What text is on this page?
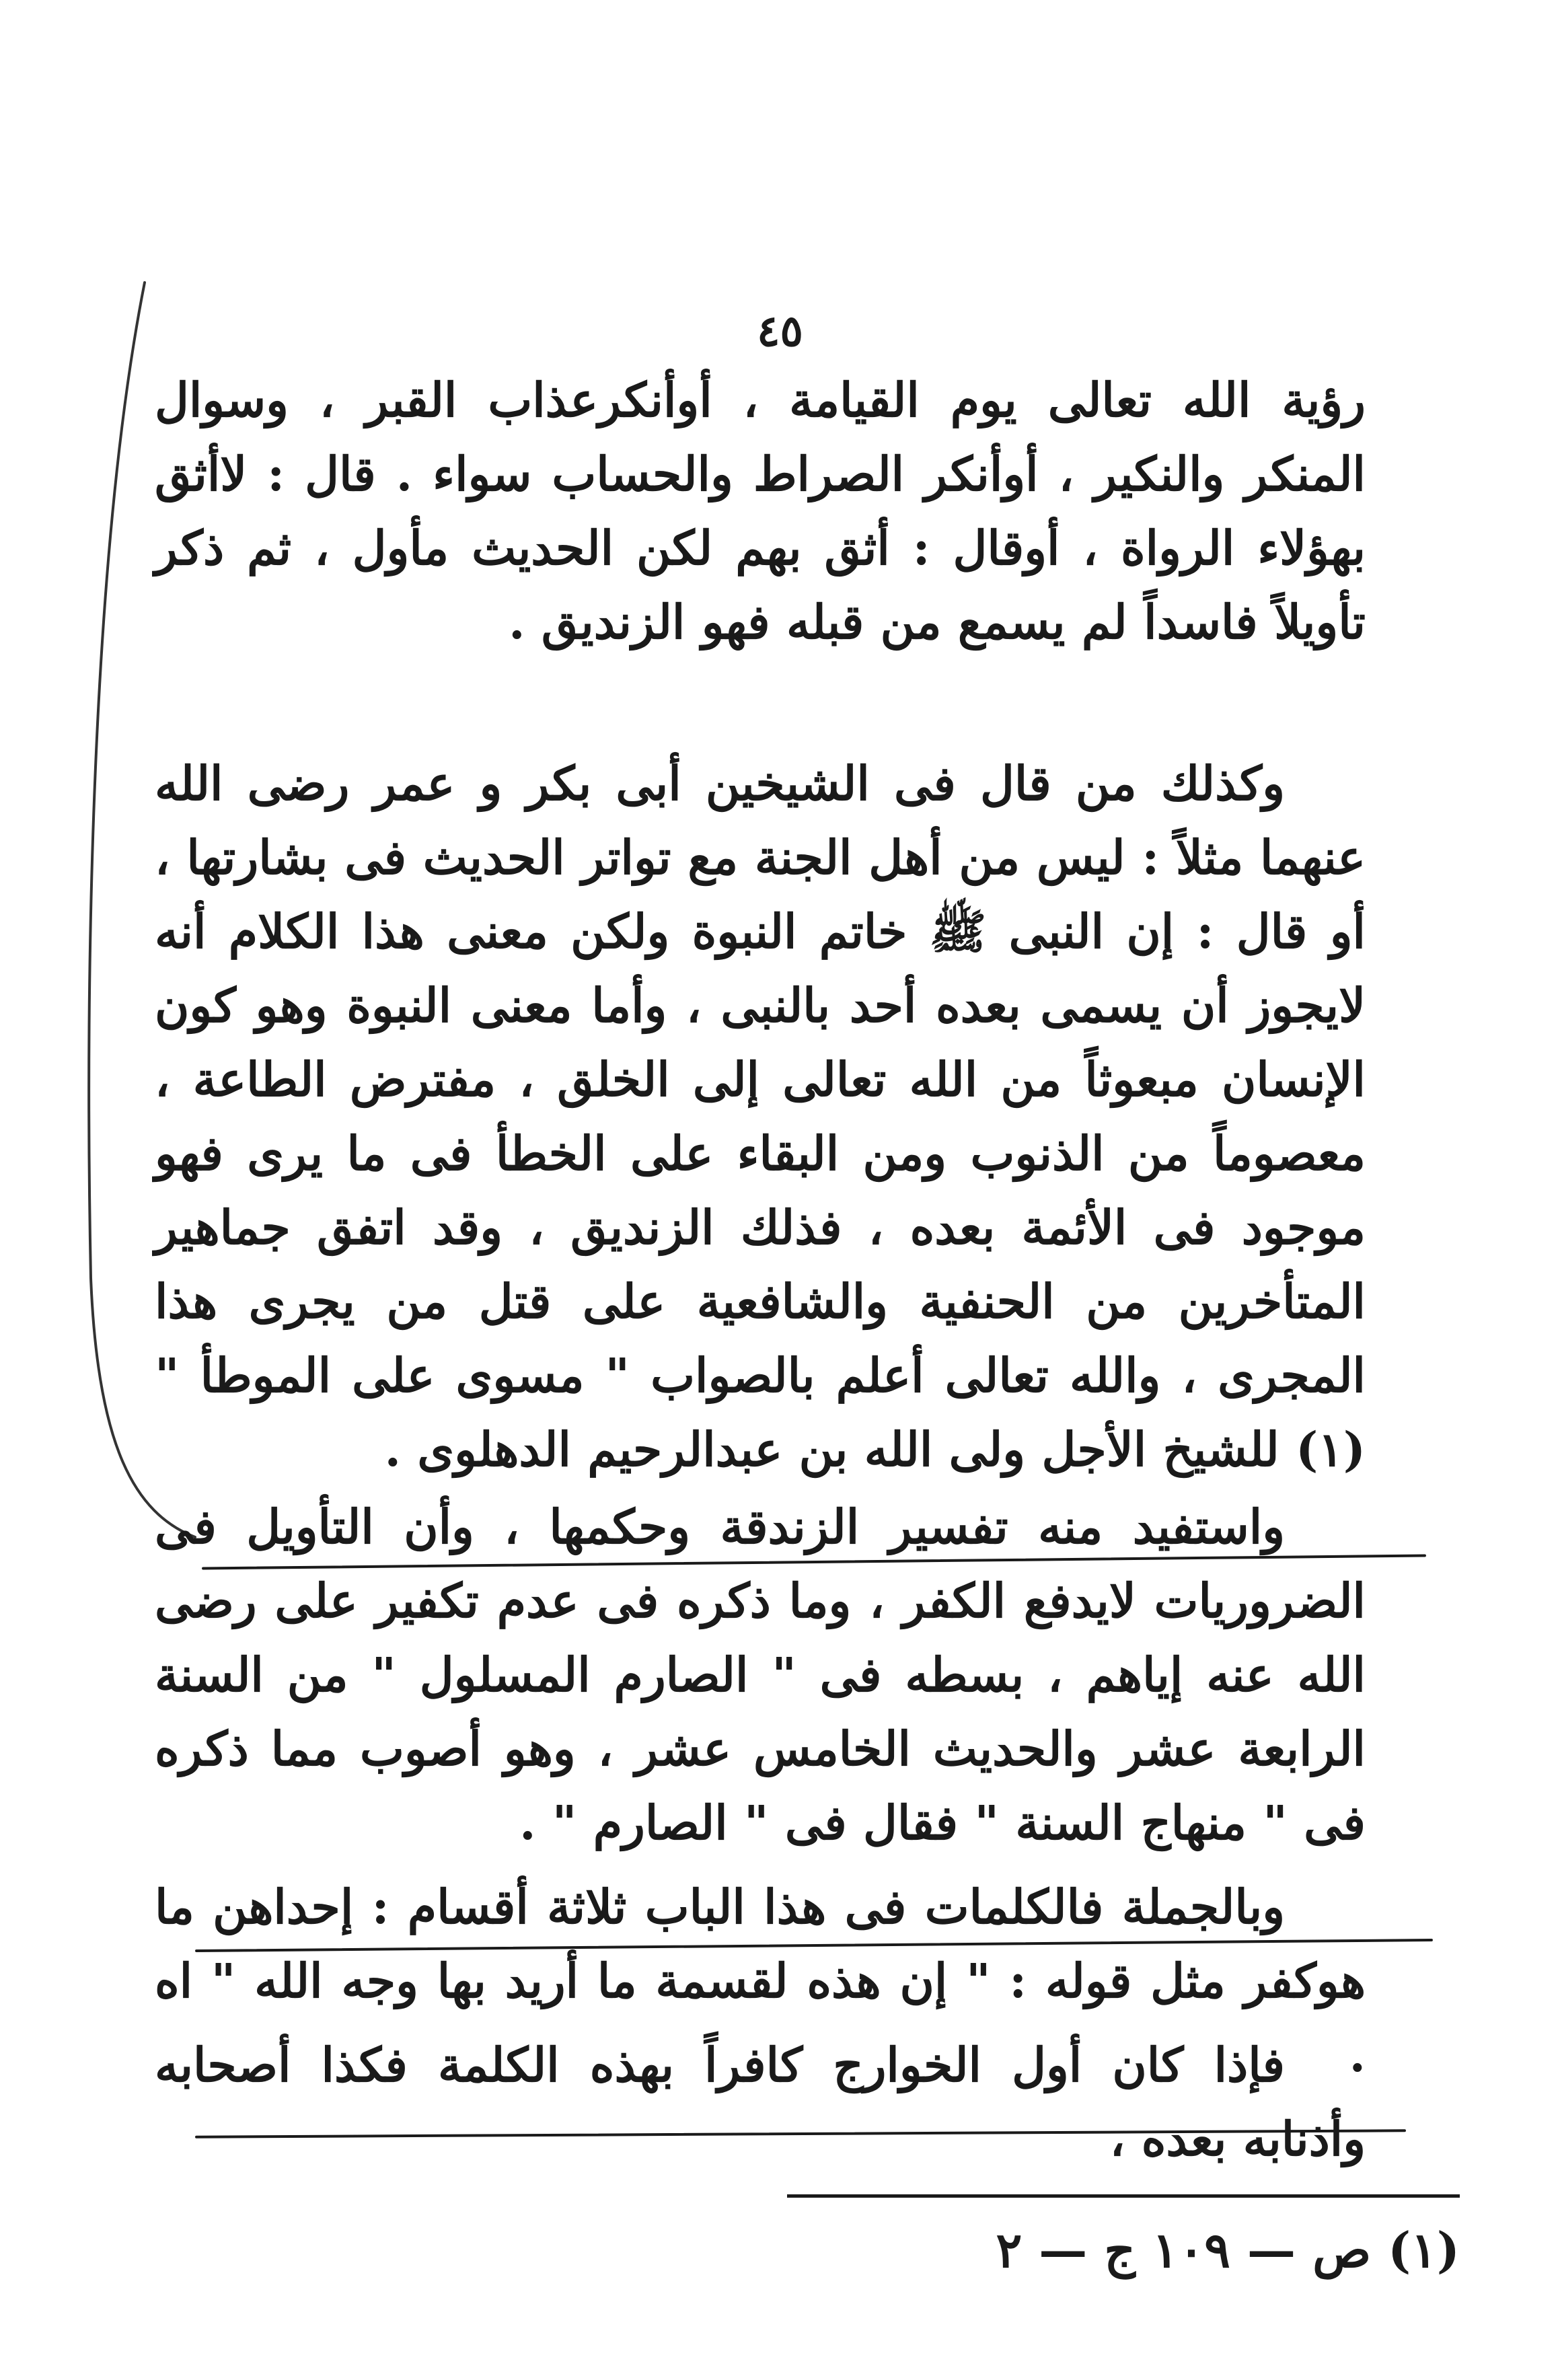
٤٥

رؤية الله تعالى يوم القيامة ، أوأنكرعذاب القبر ، وسوال المنكر والنكير ، أوأنكر الصراط والحساب سواء . قال : لاأثق بهؤلاء الرواة ، أوقال : أثق بهم لكن الحديث مأول ، ثم ذكر تأويلاً فاسداً لم يسمع من قبله فهو الزنديق .

وكذلك من قال فى الشيخين أبى بكر و عمر رضى الله عنهما مثلاً : ليس من أهل الجنة مع تواتر الحديث فى بشارتها ، أو قال : إن النبى ﷺ خاتم النبوة ولكن معنى هذا الكلام أنه لايجوز أن يسمى بعده أحد بالنبى ، وأما معنى النبوة وهو كون الإنسان مبعوثاً من الله تعالى إلى الخلق ، مفترض الطاعة ، معصوماً من الذنوب ومن البقاء على الخطأ فى ما يرى فهو موجود فى الأئمة بعده ، فذلك الزنديق ، وقد اتفق جماهير المتأخرين من الحنفية والشافعية على قتل من يجرى هذا المجرى ، والله تعالى أعلم بالصواب " مسوى على الموطأ " (١) للشيخ الأجل ولى الله بن عبدالرحيم الدهلوى .

واستفيد منه تفسير الزندقة وحكمها ، وأن التأويل فى الضروريات لايدفع الكفر ، وما ذكره فى عدم تكفير على رضى الله عنه إياهم ، بسطه فى " الصارم المسلول " من السنة الرابعة عشر والحديث الخامس عشر ، وهو أصوب مما ذكره فى " منهاج السنة " فقال فى " الصارم " .

وبالجملة فالكلمات فى هذا الباب ثلاثة أقسام : إحداهن ما هوكفر مثل قوله : " إن هذه لقسمة ما أريد بها وجه الله " اه .

فإذا كان أول الخوارج كافراً بهذه الكلمة فكذا أصحابه وأذنابه بعده ،

(١) ص — ١٠٩ ج — ٢
